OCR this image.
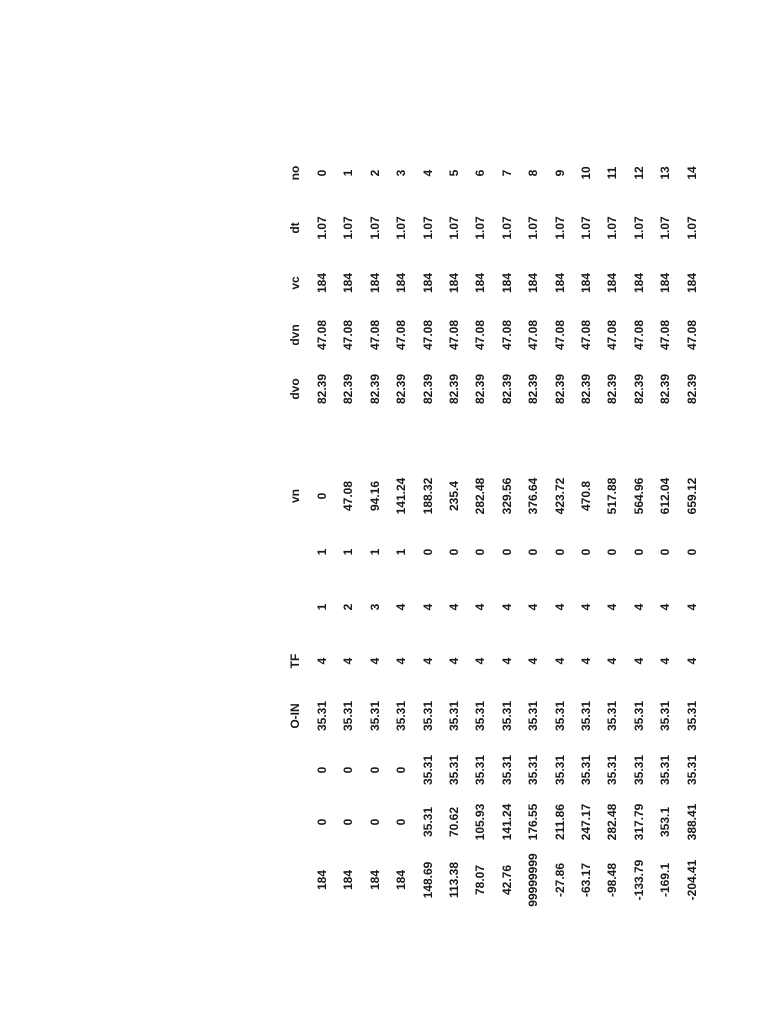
no
dt
vc
dvn
dvo
vn
TF
O-IN
0
1.07
184
47.08
82.39
0
1
1
4
35.31
0
0
184
1
1.07
184
47.08
82.39
47.08
1
2
4
35.31
0
0
184
2
1.07
184
47.08
82.39
94.16
1
3
4
35.31
0
0
184
3
1.07
184
47.08
82.39
141.24
1
4
4
35.31
0
0
184
4
1.07
184
47.08
82.39
188.32
0
4
4
35.31
35.31
35.31
148.69
5
1.07
184
47.08
82.39
235.4
0
4
4
35.31
35.31
70.62
113.38
6
1.07
184
47.08
82.39
282.48
0
4
4
35.31
35.31
105.93
78.07
7
1.07
184
47.08
82.39
329.56
0
4
4
35.31
35.31
141.24
42.76
8
1.07
184
47.08
82.39
376.64
0
4
4
35.31
35.31
176.55
99999999
9
1.07
184
47.08
82.39
423.72
0
4
4
35.31
35.31
211.86
-27.86
10
1.07
184
47.08
82.39
470.8
0
4
4
35.31
35.31
247.17
-63.17
11
1.07
184
47.08
82.39
517.88
0
4
4
35.31
35.31
282.48
-98.48
12
1.07
184
47.08
82.39
564.96
0
4
4
35.31
35.31
317.79
-133.79
13
1.07
184
47.08
82.39
612.04
0
4
4
35.31
35.31
353.1
-169.1
14
1.07
184
47.08
82.39
659.12
0
4
4
35.31
35.31
388.41
-204.41
